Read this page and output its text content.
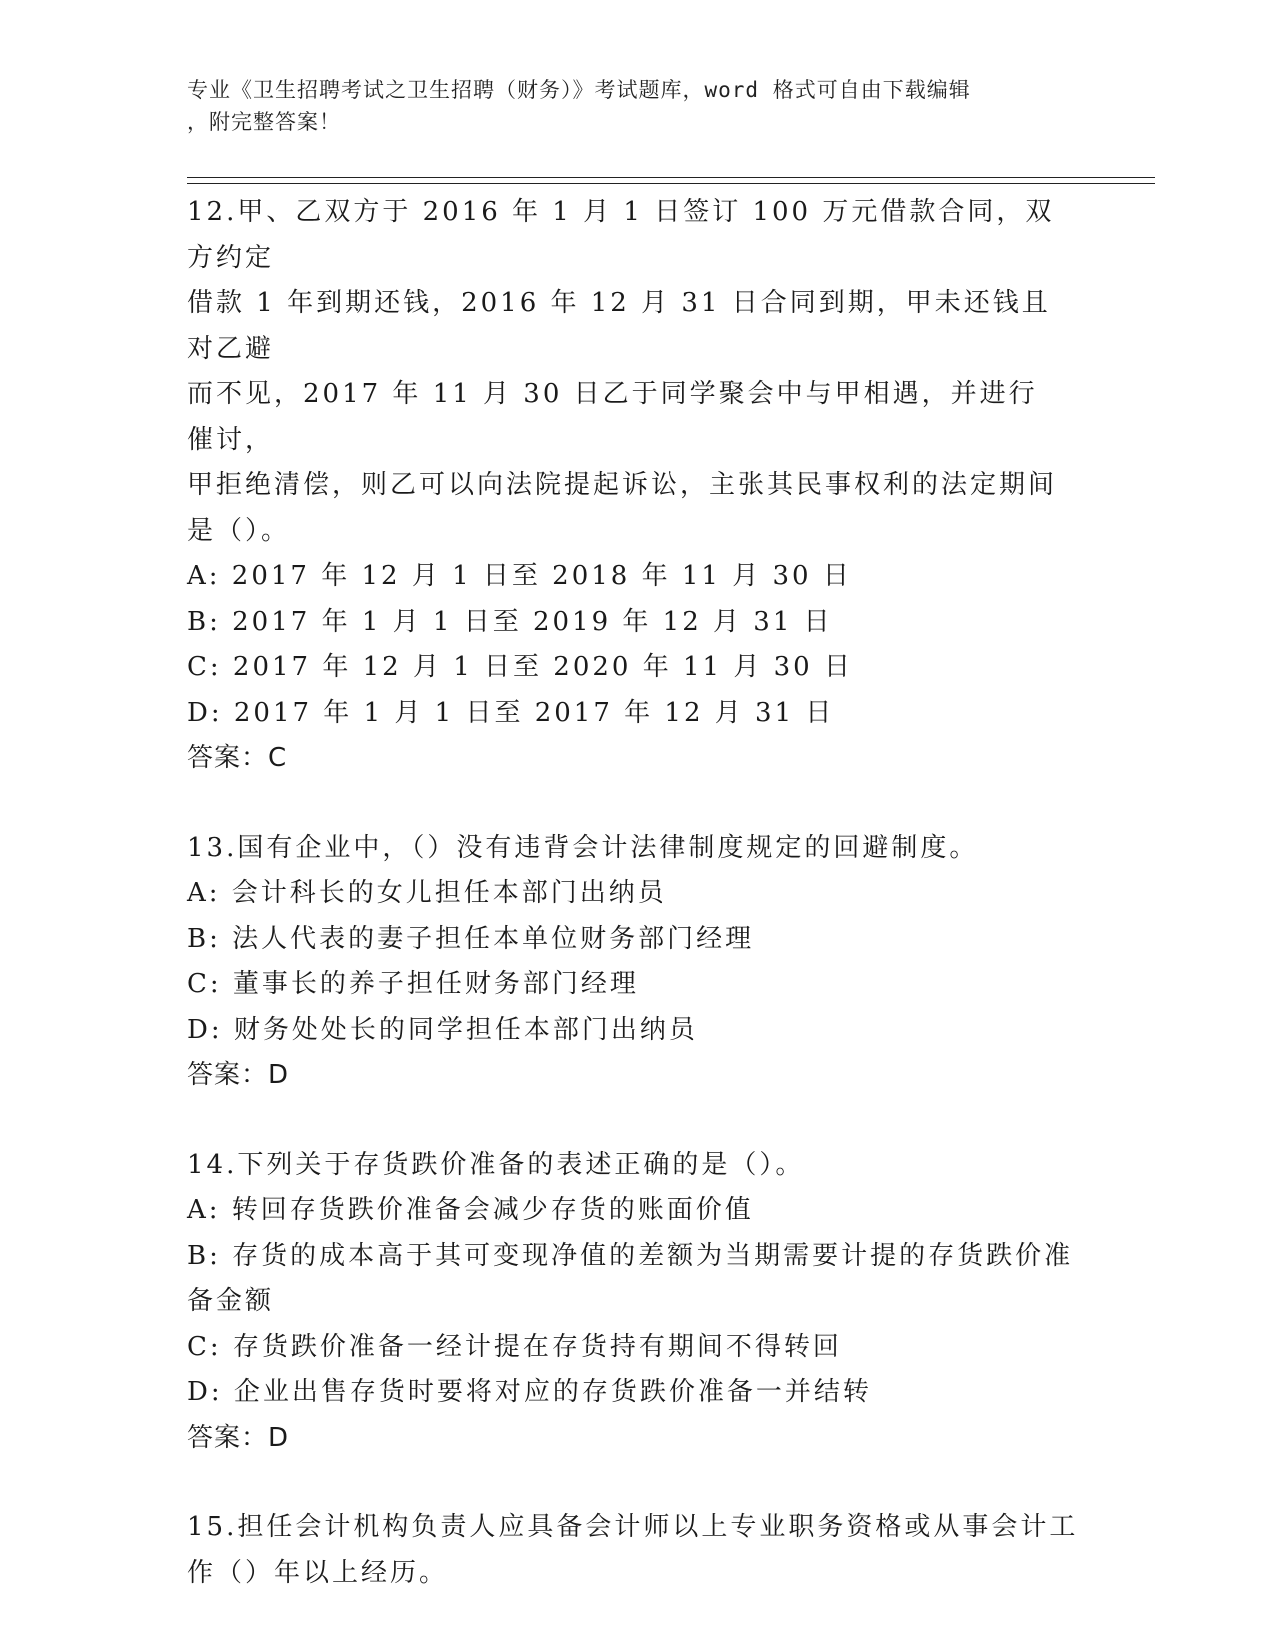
专业《卫生招聘考试之卫生招聘（财务）》考试题库，word 格式可自由下载编辑
，附完整答案！
12.甲、乙双方于 2016 年 1 月 1 日签订 100 万元借款合同，双方约定
借款 1 年到期还钱，2016 年 12 月 31 日合同到期，甲未还钱且对乙避
而不见，2017 年 11 月 30 日乙于同学聚会中与甲相遇，并进行催讨，
甲拒绝清偿，则乙可以向法院提起诉讼，主张其民事权利的法定期间
是（）。
A: 2017 年 12 月 1 日至 2018 年 11 月 30 日
B: 2017 年 1 月 1 日至 2019 年 12 月 31 日
C: 2017 年 12 月 1 日至 2020 年 11 月 30 日
D: 2017 年 1 月 1 日至 2017 年 12 月 31 日
答案：C
13.国有企业中，（）没有违背会计法律制度规定的回避制度。
A: 会计科长的女儿担任本部门出纳员
B: 法人代表的妻子担任本单位财务部门经理
C: 董事长的养子担任财务部门经理
D: 财务处处长的同学担任本部门出纳员
答案：D
14.下列关于存货跌价准备的表述正确的是（）。
A: 转回存货跌价准备会减少存货的账面价值
B: 存货的成本高于其可变现净值的差额为当期需要计提的存货跌价准
备金额
C: 存货跌价准备一经计提在存货持有期间不得转回
D: 企业出售存货时要将对应的存货跌价准备一并结转
答案：D
15.担任会计机构负责人应具备会计师以上专业职务资格或从事会计工
作（）年以上经历。
